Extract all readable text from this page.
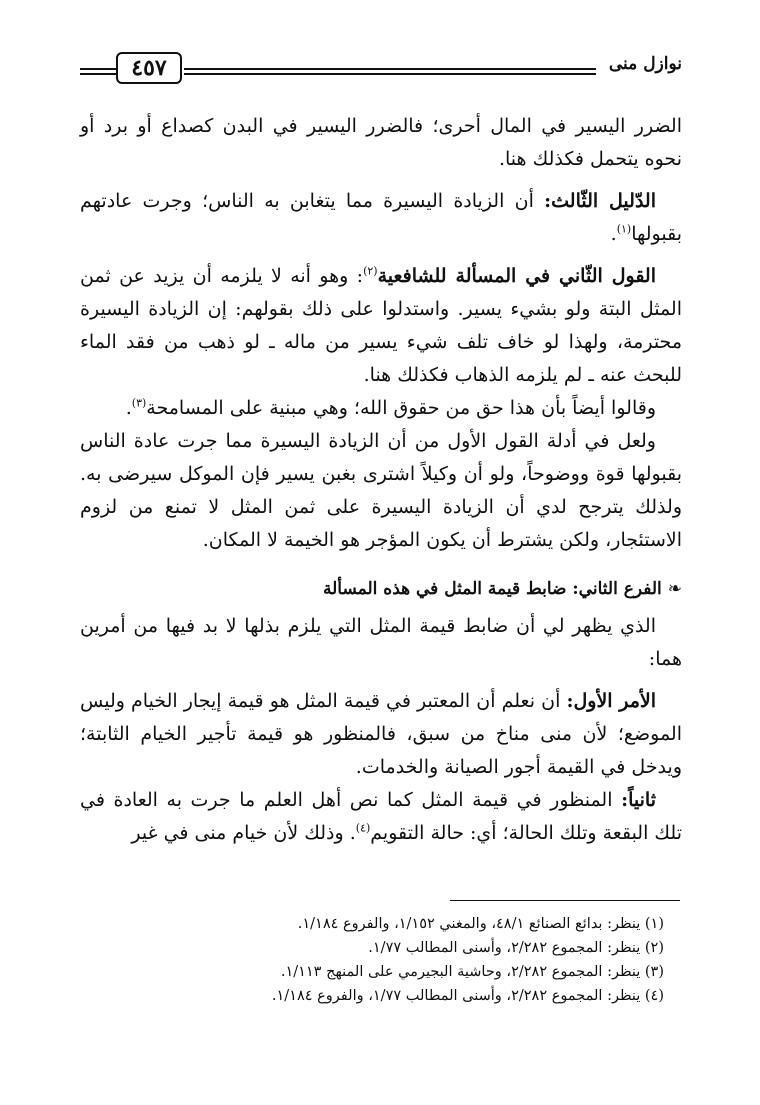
٤٥٧	نوازل منى

الضرر اليسير في المال أحرى؛ فالضرر اليسير في البدن كصداع أو برد أو نحوه يتحمل فكذلك هنا.

الدّليل الثّالث: أن الزيادة اليسيرة مما يتغابن به الناس؛ وجرت عادتهم بقبولها$^{(١)}$.

القول الثّاني في المسألة للشافعية$^{(٢)}$: وهو أنه لا يلزمه أن يزيد عن ثمن المثل البتة ولو بشيء يسير. واستدلوا على ذلك بقولهم: إن الزيادة اليسيرة محترمة، ولهذا لو خاف تلف شيء يسير من ماله ـ لو ذهب من فقد الماء للبحث عنه ـ لم يلزمه الذهاب فكذلك هنا.

وقالوا أيضاً بأن هذا حق من حقوق الله؛ وهي مبنية على المسامحة$^{(٣)}$.

ولعل في أدلة القول الأول من أن الزيادة اليسيرة مما جرت عادة الناس بقبولها قوة ووضوحاً، ولو أن وكيلاً اشترى بغبن يسير فإن الموكل سيرضى به. ولذلك يترجح لدي أن الزيادة اليسيرة على ثمن المثل لا تمنع من لزوم الاستئجار، ولكن يشترط أن يكون المؤجر هو الخيمة لا المكان.

❧الفرع الثاني: ضابط قيمة المثل في هذه المسألة

الذي يظهر لي أن ضابط قيمة المثل التي يلزم بذلها لا بد فيها من أمرين هما:

الأمر الأول: أن نعلم أن المعتبر في قيمة المثل هو قيمة إيجار الخيام وليس الموضع؛ لأن منى مناخ من سبق، فالمنظور هو قيمة تأجير الخيام الثابتة؛ ويدخل في القيمة أجور الصيانة والخدمات.

ثانياً: المنظور في قيمة المثل كما نص أهل العلم ما جرت به العادة في تلك البقعة وتلك الحالة؛ أي: حالة التقويم$^{(٤)}$. وذلك لأن خيام منى في غير

(١) ينظر: بدائع الصنائع ٤٨/١، والمغني ١/١٥٢، والفروع ١/١٨٤.

(٢) ينظر: المجموع ٢/٢٨٢، وأسنى المطالب ١/٧٧.

(٣) ينظر: المجموع ٢/٢٨٢، وحاشية البجيرمي على المنهج ١/١١٣.

(٤) ينظر: المجموع ٢/٢٨٢، وأسنى المطالب ١/٧٧، والفروع ١/١٨٤.
